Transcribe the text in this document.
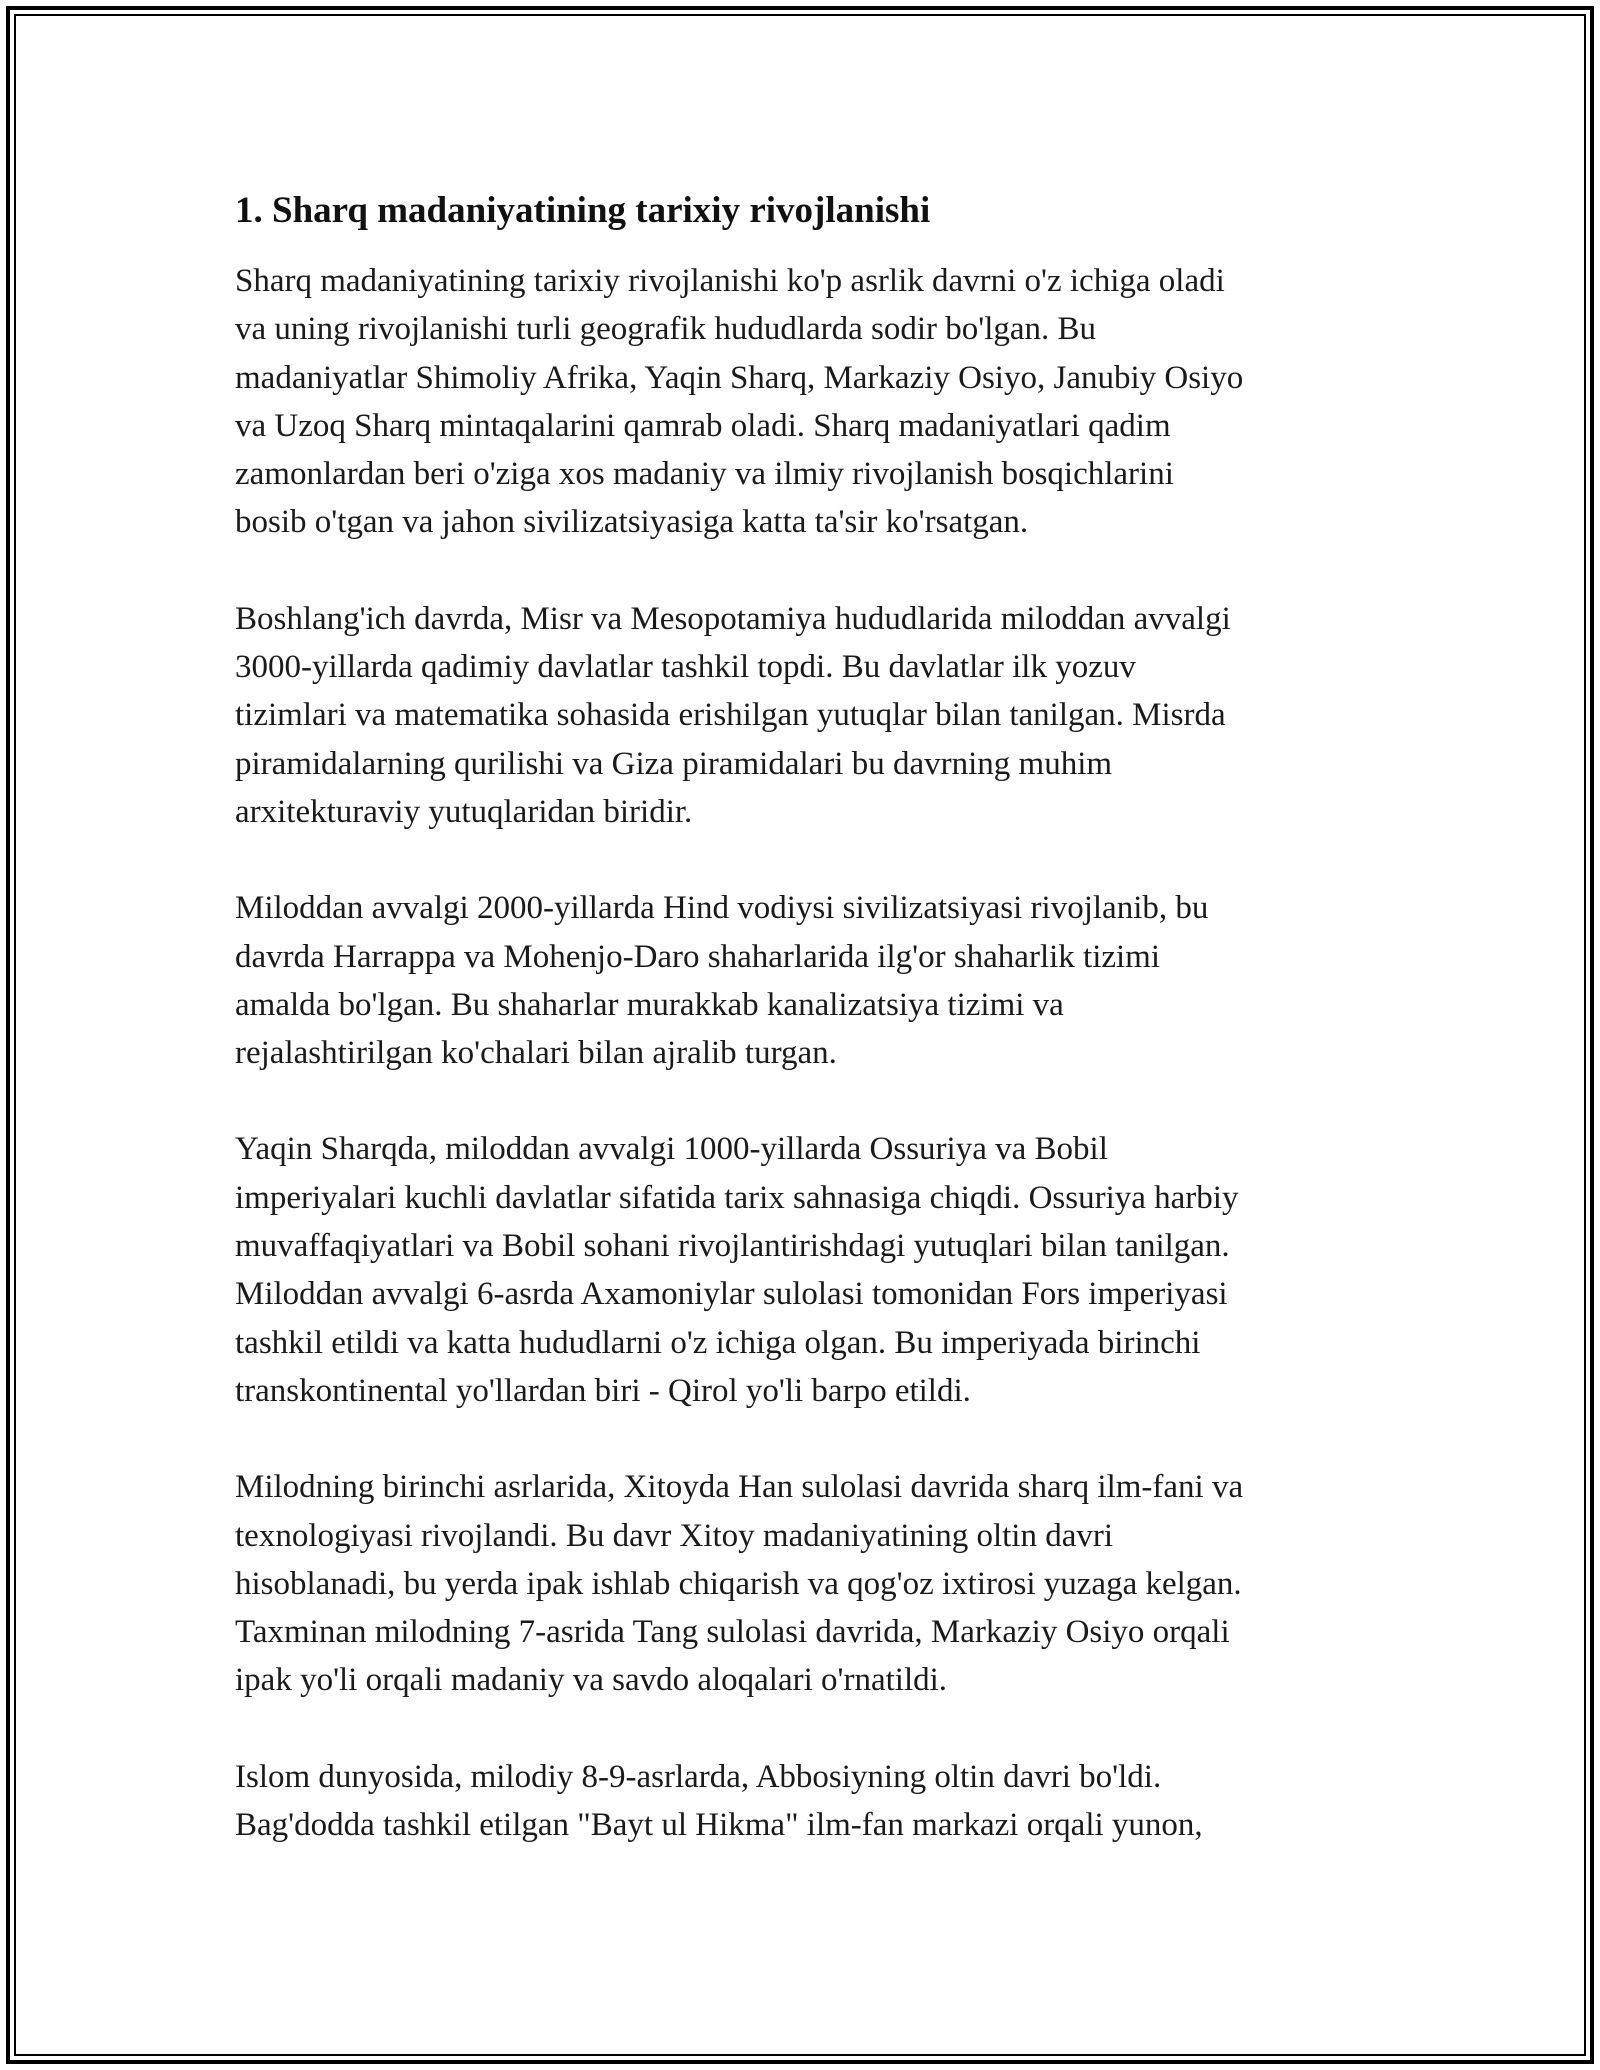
1. Sharq madaniyatining tarixiy rivojlanishi

Sharq madaniyatining tarixiy rivojlanishi ko'p asrlik davrni o'z ichiga oladi
va uning rivojlanishi turli geografik hududlarda sodir bo'lgan. Bu
madaniyatlar Shimoliy Afrika, Yaqin Sharq, Markaziy Osiyo, Janubiy Osiyo
va Uzoq Sharq mintaqalarini qamrab oladi. Sharq madaniyatlari qadim
zamonlardan beri o'ziga xos madaniy va ilmiy rivojlanish bosqichlarini
bosib o'tgan va jahon sivilizatsiyasiga katta ta'sir ko'rsatgan.

Boshlang'ich davrda, Misr va Mesopotamiya hududlarida miloddan avvalgi
3000-yillarda qadimiy davlatlar tashkil topdi. Bu davlatlar ilk yozuv
tizimlari va matematika sohasida erishilgan yutuqlar bilan tanilgan. Misrda
piramidalarning qurilishi va Giza piramidalari bu davrning muhim
arxitekturaviy yutuqlaridan biridir.

Miloddan avvalgi 2000-yillarda Hind vodiysi sivilizatsiyasi rivojlanib, bu
davrda Harrappa va Mohenjo-Daro shaharlarida ilg'or shaharlik tizimi
amalda bo'lgan. Bu shaharlar murakkab kanalizatsiya tizimi va
rejalashtirilgan ko'chalari bilan ajralib turgan.

Yaqin Sharqda, miloddan avvalgi 1000-yillarda Ossuriya va Bobil
imperiyalari kuchli davlatlar sifatida tarix sahnasiga chiqdi. Ossuriya harbiy
muvaffaqiyatlari va Bobil sohani rivojlantirishdagi yutuqlari bilan tanilgan.
Miloddan avvalgi 6-asrda Axamoniylar sulolasi tomonidan Fors imperiyasi
tashkil etildi va katta hududlarni o'z ichiga olgan. Bu imperiyada birinchi
transkontinental yo'llardan biri - Qirol yo'li barpo etildi.

Milodning birinchi asrlarida, Xitoyda Han sulolasi davrida sharq ilm-fani va
texnologiyasi rivojlandi. Bu davr Xitoy madaniyatining oltin davri
hisoblanadi, bu yerda ipak ishlab chiqarish va qog'oz ixtirosi yuzaga kelgan.
Taxminan milodning 7-asrida Tang sulolasi davrida, Markaziy Osiyo orqali
ipak yo'li orqali madaniy va savdo aloqalari o'rnatildi.

Islom dunyosida, milodiy 8-9-asrlarda, Abbosiyning oltin davri bo'ldi.
Bag'dodda tashkil etilgan "Bayt ul Hikma" ilm-fan markazi orqali yunon,
